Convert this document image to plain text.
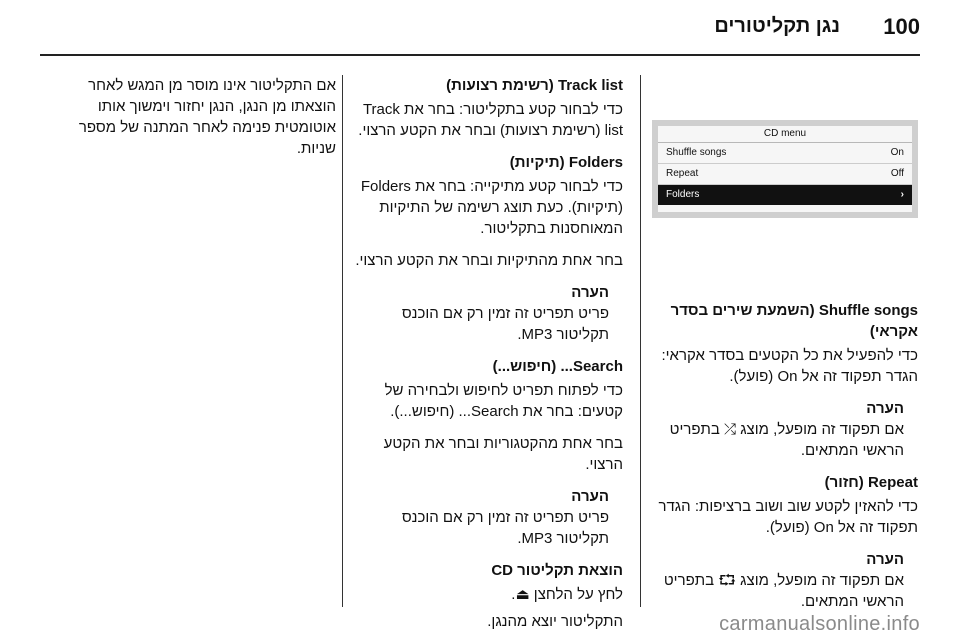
100
נגן תקליטורים
CD menu
Shuffle songs	On
Repeat	Off
Folders	›
Shuffle songs (השמעת שירים בסדר אקראי)

כדי להפעיל את כל הקטעים בסדר אקראי: הגדר תפקוד זה אל On (פועל).

הערה
אם תפקוד זה מופעל, מוצג ⤮ בתפריט הראשי המתאים.
Repeat (חזור)

כדי להאזין לקטע שוב ושוב ברציפות: הגדר תפקוד זה אל On (פועל).

הערה
אם תפקוד זה מופעל, מוצג ⮔ בתפריט הראשי המתאים.
Track list (רשימת רצועות)

כדי לבחור קטע בתקליטור: בחר את Track list (רשימת רצועות) ובחר את הקטע הרצוי.

Folders (תיקיות)

כדי לבחור קטע מתיקייה: בחר את Folders (תיקיות). כעת תוצג רשימה של התיקיות המאוחסנות בתקליטור.

בחר אחת מהתיקיות ובחר את הקטע הרצוי.

הערה
פריט תפריט זה זמין רק אם הוכנס תקליטור MP3.
Search... (חיפוש...)

כדי לפתוח תפריט לחיפוש ולבחירה של קטעים: בחר את Search... (חיפוש...).

בחר אחת מהקטגוריות ובחר את הקטע הרצוי.

הערה
פריט תפריט זה זמין רק אם הוכנס תקליטור MP3.
הוצאת תקליטור CD

לחץ על הלחצן ⏏.

התקליטור יוצא מהנגן.

אם התקליטור אינו מוסר מן המגש לאחר הוצאתו מן הנגן, הנגן יחזור וימשוך אותו אוטומטית פנימה לאחר המתנה של מספר שניות.

carmanualsonline.info
